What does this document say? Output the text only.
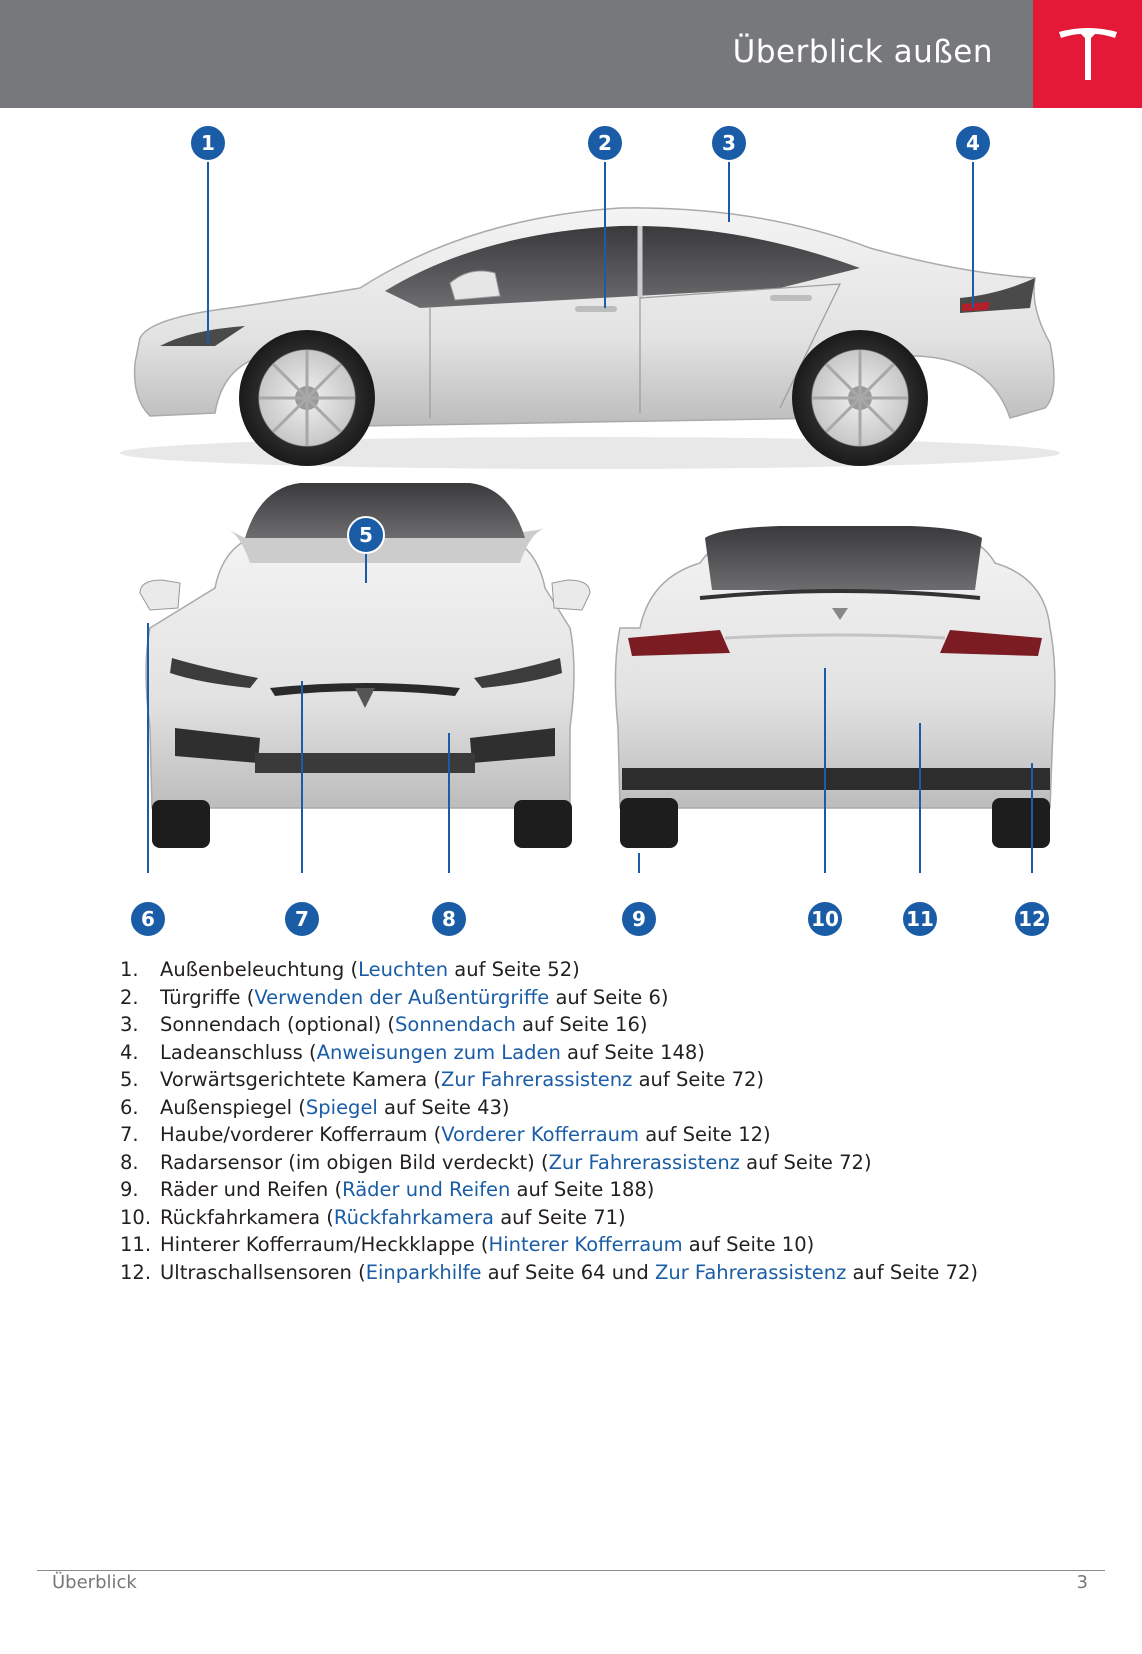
Überblick außen
1	2	3	4
5
6	7	8	9	10	11	12
1.	Außenbeleuchtung (Leuchten auf Seite 52)
2.	Türgriffe (Verwenden der Außentürgriffe auf Seite 6)
3.	Sonnendach (optional) (Sonnendach auf Seite 16)
4.	Ladeanschluss (Anweisungen zum Laden auf Seite 148)
5.	Vorwärtsgerichtete Kamera (Zur Fahrerassistenz auf Seite 72)
6.	Außenspiegel (Spiegel auf Seite 43)
7.	Haube/vorderer Kofferraum (Vorderer Kofferraum auf Seite 12)
8.	Radarsensor (im obigen Bild verdeckt) (Zur Fahrerassistenz auf Seite 72)
9.	Räder und Reifen (Räder und Reifen auf Seite 188)
10. Rückfahrkamera (Rückfahrkamera auf Seite 71)
11. Hinterer Kofferraum/Heckklappe (Hinterer Kofferraum auf Seite 10)
12. Ultraschallsensoren (Einparkhilfe auf Seite 64 und Zur Fahrerassistenz auf Seite 72)
Überblick	3
